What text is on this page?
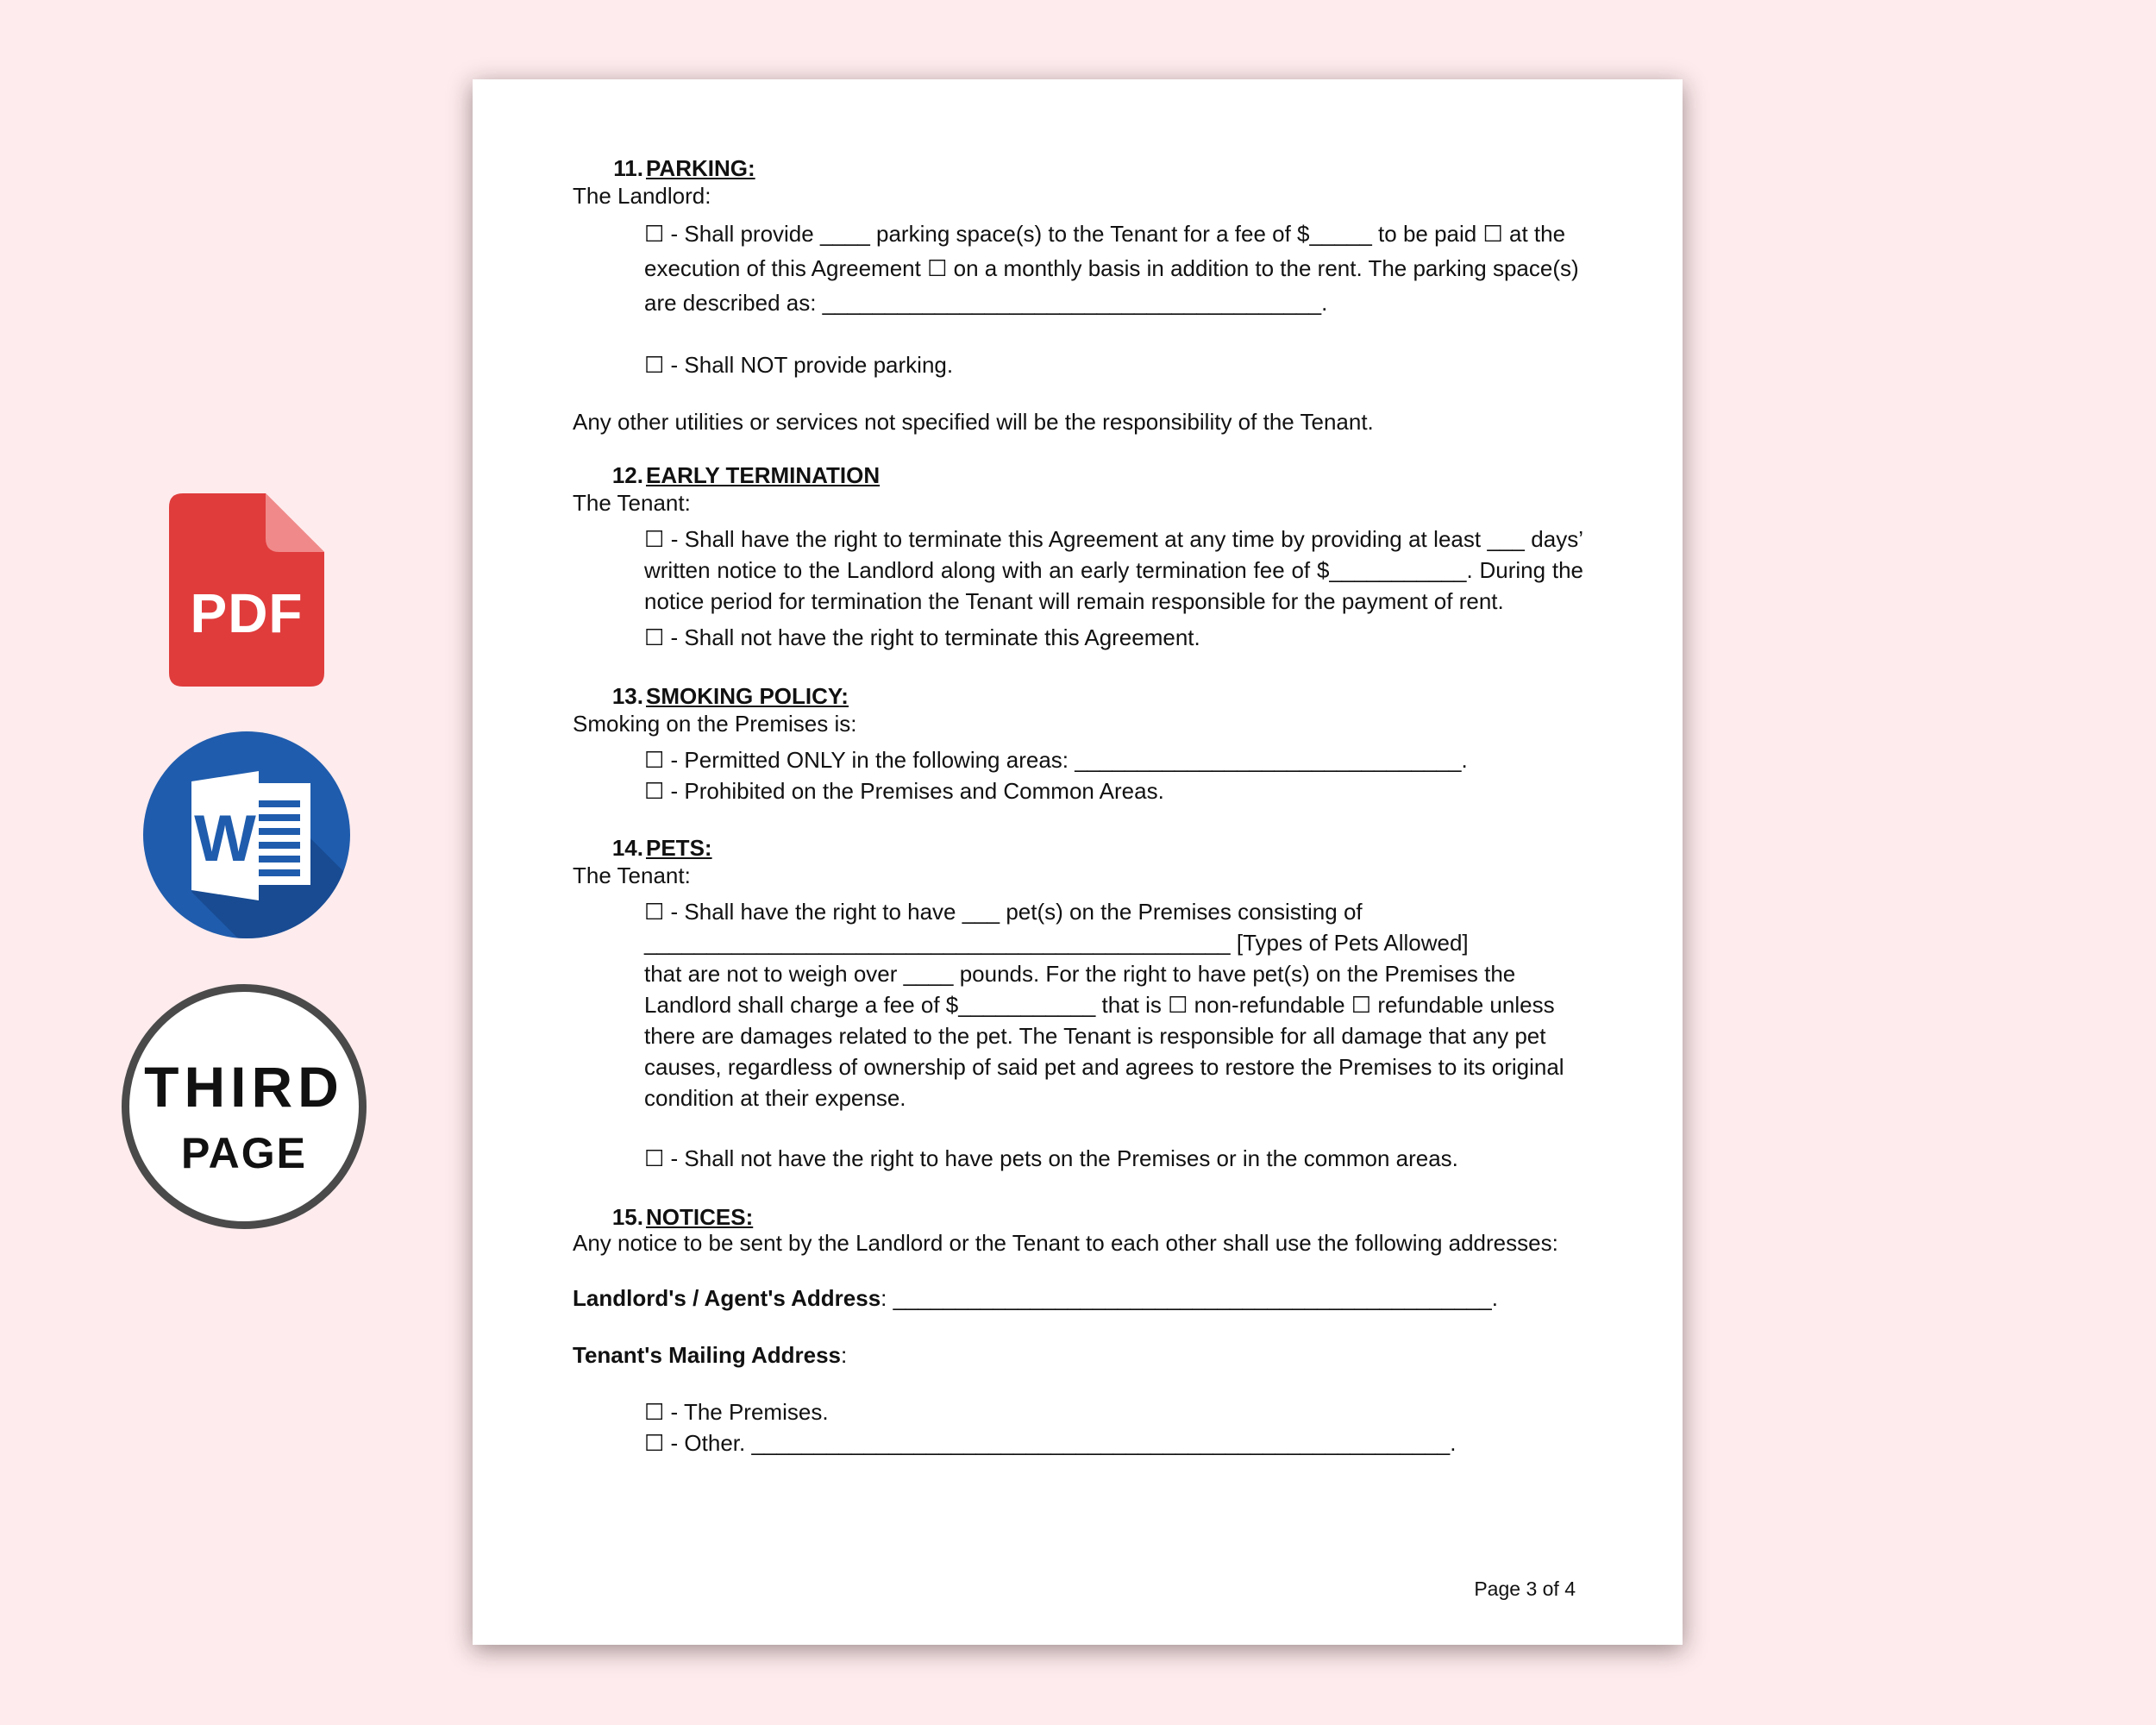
PDF
W
THIRD
PAGE
11. PARKING:

The Landlord:

☐ - Shall provide ____ parking space(s) to the Tenant for a fee of $_____ to be paid ☐ at the execution of this Agreement ☐ on a monthly basis in addition to the rent. The parking space(s) are described as: ________________________________________.

☐ - Shall NOT provide parking.

Any other utilities or services not specified will be the responsibility of the Tenant.

12. EARLY TERMINATION

The Tenant:

☐ - Shall have the right to terminate this Agreement at any time by providing at least ___ days’ written notice to the Landlord along with an early termination fee of $___________. During the notice period for termination the Tenant will remain responsible for the payment of rent.

☐ - Shall not have the right to terminate this Agreement.

13. SMOKING POLICY:

Smoking on the Premises is:

☐ - Permitted ONLY in the following areas: _______________________________.

☐ - Prohibited on the Premises and Common Areas.

14. PETS:

The Tenant:

☐ - Shall have the right to have ___ pet(s) on the Premises consisting of

_______________________________________________ [Types of Pets Allowed]

that are not to weigh over ____ pounds. For the right to have pet(s) on the Premises the Landlord shall charge a fee of $___________ that is ☐ non-refundable ☐ refundable unless there are damages related to the pet. The Tenant is responsible for all damage that any pet causes, regardless of ownership of said pet and agrees to restore the Premises to its original condition at their expense.

☐ - Shall not have the right to have pets on the Premises or in the common areas.

15. NOTICES:

Any notice to be sent by the Landlord or the Tenant to each other shall use the following addresses:

Landlord's / Agent's Address: ________________________________________________.

Tenant's Mailing Address:

☐ - The Premises.

☐ - Other. ________________________________________________________.

Page 3 of 4
